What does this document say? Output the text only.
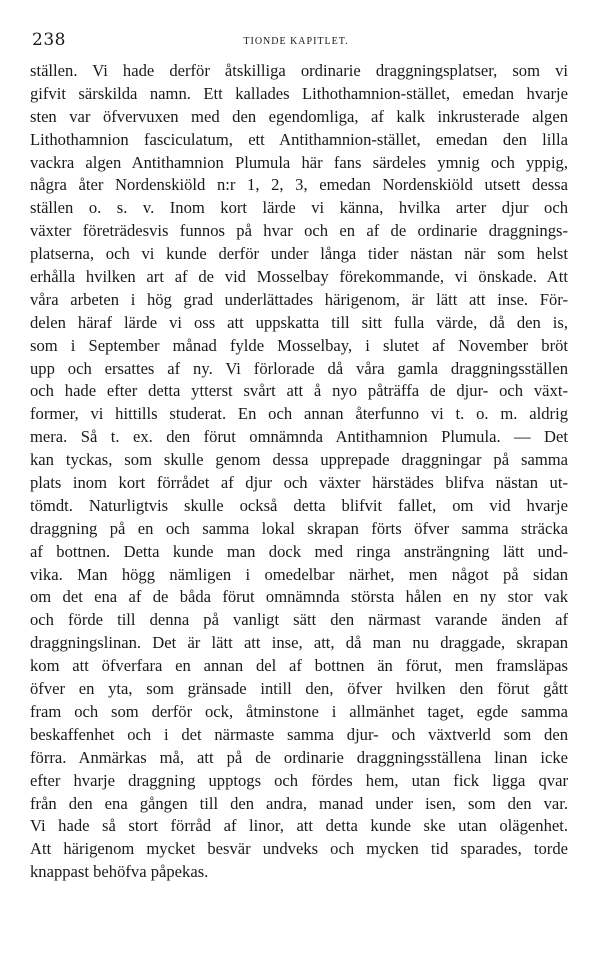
238	TIONDE KAPITLET.
ställen. Vi hade derför åtskilliga ordinarie draggningsplatser, som vi
gifvit särskilda namn. Ett kallades Lithothamnion-stället, emedan hvarje
sten var öfvervuxen med den egendomliga, af kalk inkrusterade algen
Lithothamnion fasciculatum, ett Antithamnion-stället, emedan den lilla
vackra algen Antithamnion Plumula här fans särdeles ymnig och yppig,
några åter Nordenskiöld n:r 1, 2, 3, emedan Nordenskiöld utsett dessa
ställen o. s. v. Inom kort lärde vi känna, hvilka arter djur och
växter företrädesvis funnos på hvar och en af de ordinarie draggnings-
platserna, och vi kunde derför under långa tider nästan när som helst
erhålla hvilken art af de vid Mosselbay förekommande, vi önskade. Att
våra arbeten i hög grad underlättades härigenom, är lätt att inse. För-
delen häraf lärde vi oss att uppskatta till sitt fulla värde, då den is,
som i September månad fylde Mosselbay, i slutet af November bröt
upp och ersattes af ny. Vi förlorade då våra gamla draggningsställen
och hade efter detta ytterst svårt att å nyo påträffa de djur- och växt-
former, vi hittills studerat. En och annan återfunno vi t. o. m. aldrig
mera. Så t. ex. den förut omnämnda Antithamnion Plumula. — Det
kan tyckas, som skulle genom dessa upprepade draggningar på samma
plats inom kort förrådet af djur och växter härstädes blifva nästan ut-
tömdt. Naturligtvis skulle också detta blifvit fallet, om vid hvarje
draggning på en och samma lokal skrapan förts öfver samma sträcka
af bottnen. Detta kunde man dock med ringa ansträngning lätt und-
vika. Man högg nämligen i omedelbar närhet, men något på sidan
om det ena af de båda förut omnämnda största hålen en ny stor vak
och förde till denna på vanligt sätt den närmast varande änden af
draggningslinan. Det är lätt att inse, att, då man nu draggade, skrapan
kom att öfverfara en annan del af bottnen än förut, men framsläpas
öfver en yta, som gränsade intill den, öfver hvilken den förut gått
fram och som derför ock, åtminstone i allmänhet taget, egde samma
beskaffenhet och i det närmaste samma djur- och växtverld som den
förra. Anmärkas må, att på de ordinarie draggningsställena linan icke
efter hvarje draggning upptogs och fördes hem, utan fick ligga qvar
från den ena gången till den andra, manad under isen, som den var.
Vi hade så stort förråd af linor, att detta kunde ske utan olägenhet.
Att härigenom mycket besvär undveks och mycken tid sparades, torde
knappast behöfva påpekas.
